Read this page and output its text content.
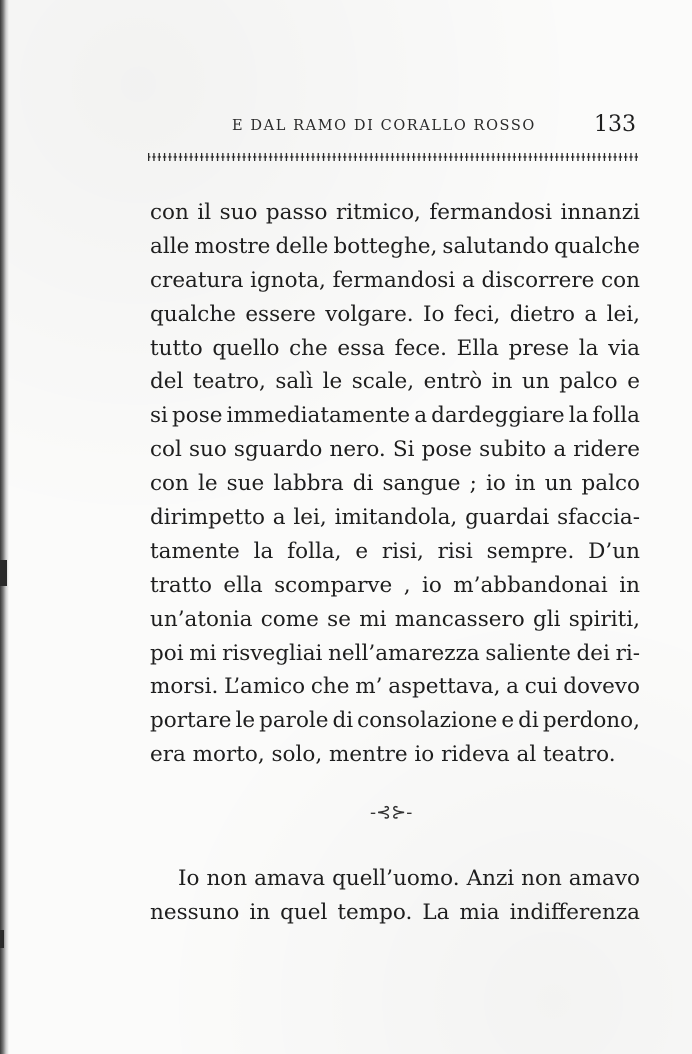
E DAL RAMO DI CORALLO ROSSO	133
con il suo passo ritmico, fermandosi innanzi
alle mostre delle botteghe, salutando qualche
creatura ignota, fermandosi a discorrere con
qualche essere volgare. Io feci, dietro a lei,
tutto quello che essa fece. Ella prese la via
del teatro, salì le scale, entrò in un palco e
si pose immediatamente a dardeggiare la folla
col suo sguardo nero. Si pose subito a ridere
con le sue labbra di sangue ; io in un palco
dirimpetto a lei, imitandola, guardai sfaccia-
tamente la folla, e risi, risi sempre. D’un
tratto ella scomparve , io m’abbandonai in
un’atonia come se mi mancassero gli spiriti,
poi mi risvegliai nell’amarezza saliente dei ri-
morsi. L’amico che m’ aspettava, a cui dovevo
portare le parole di consolazione e di perdono,
era morto, solo, mentre io rideva al teatro.
-⊰⊱-
Io non amava quell’uomo. Anzi non amavo
nessuno in quel tempo. La mia indifferenza
